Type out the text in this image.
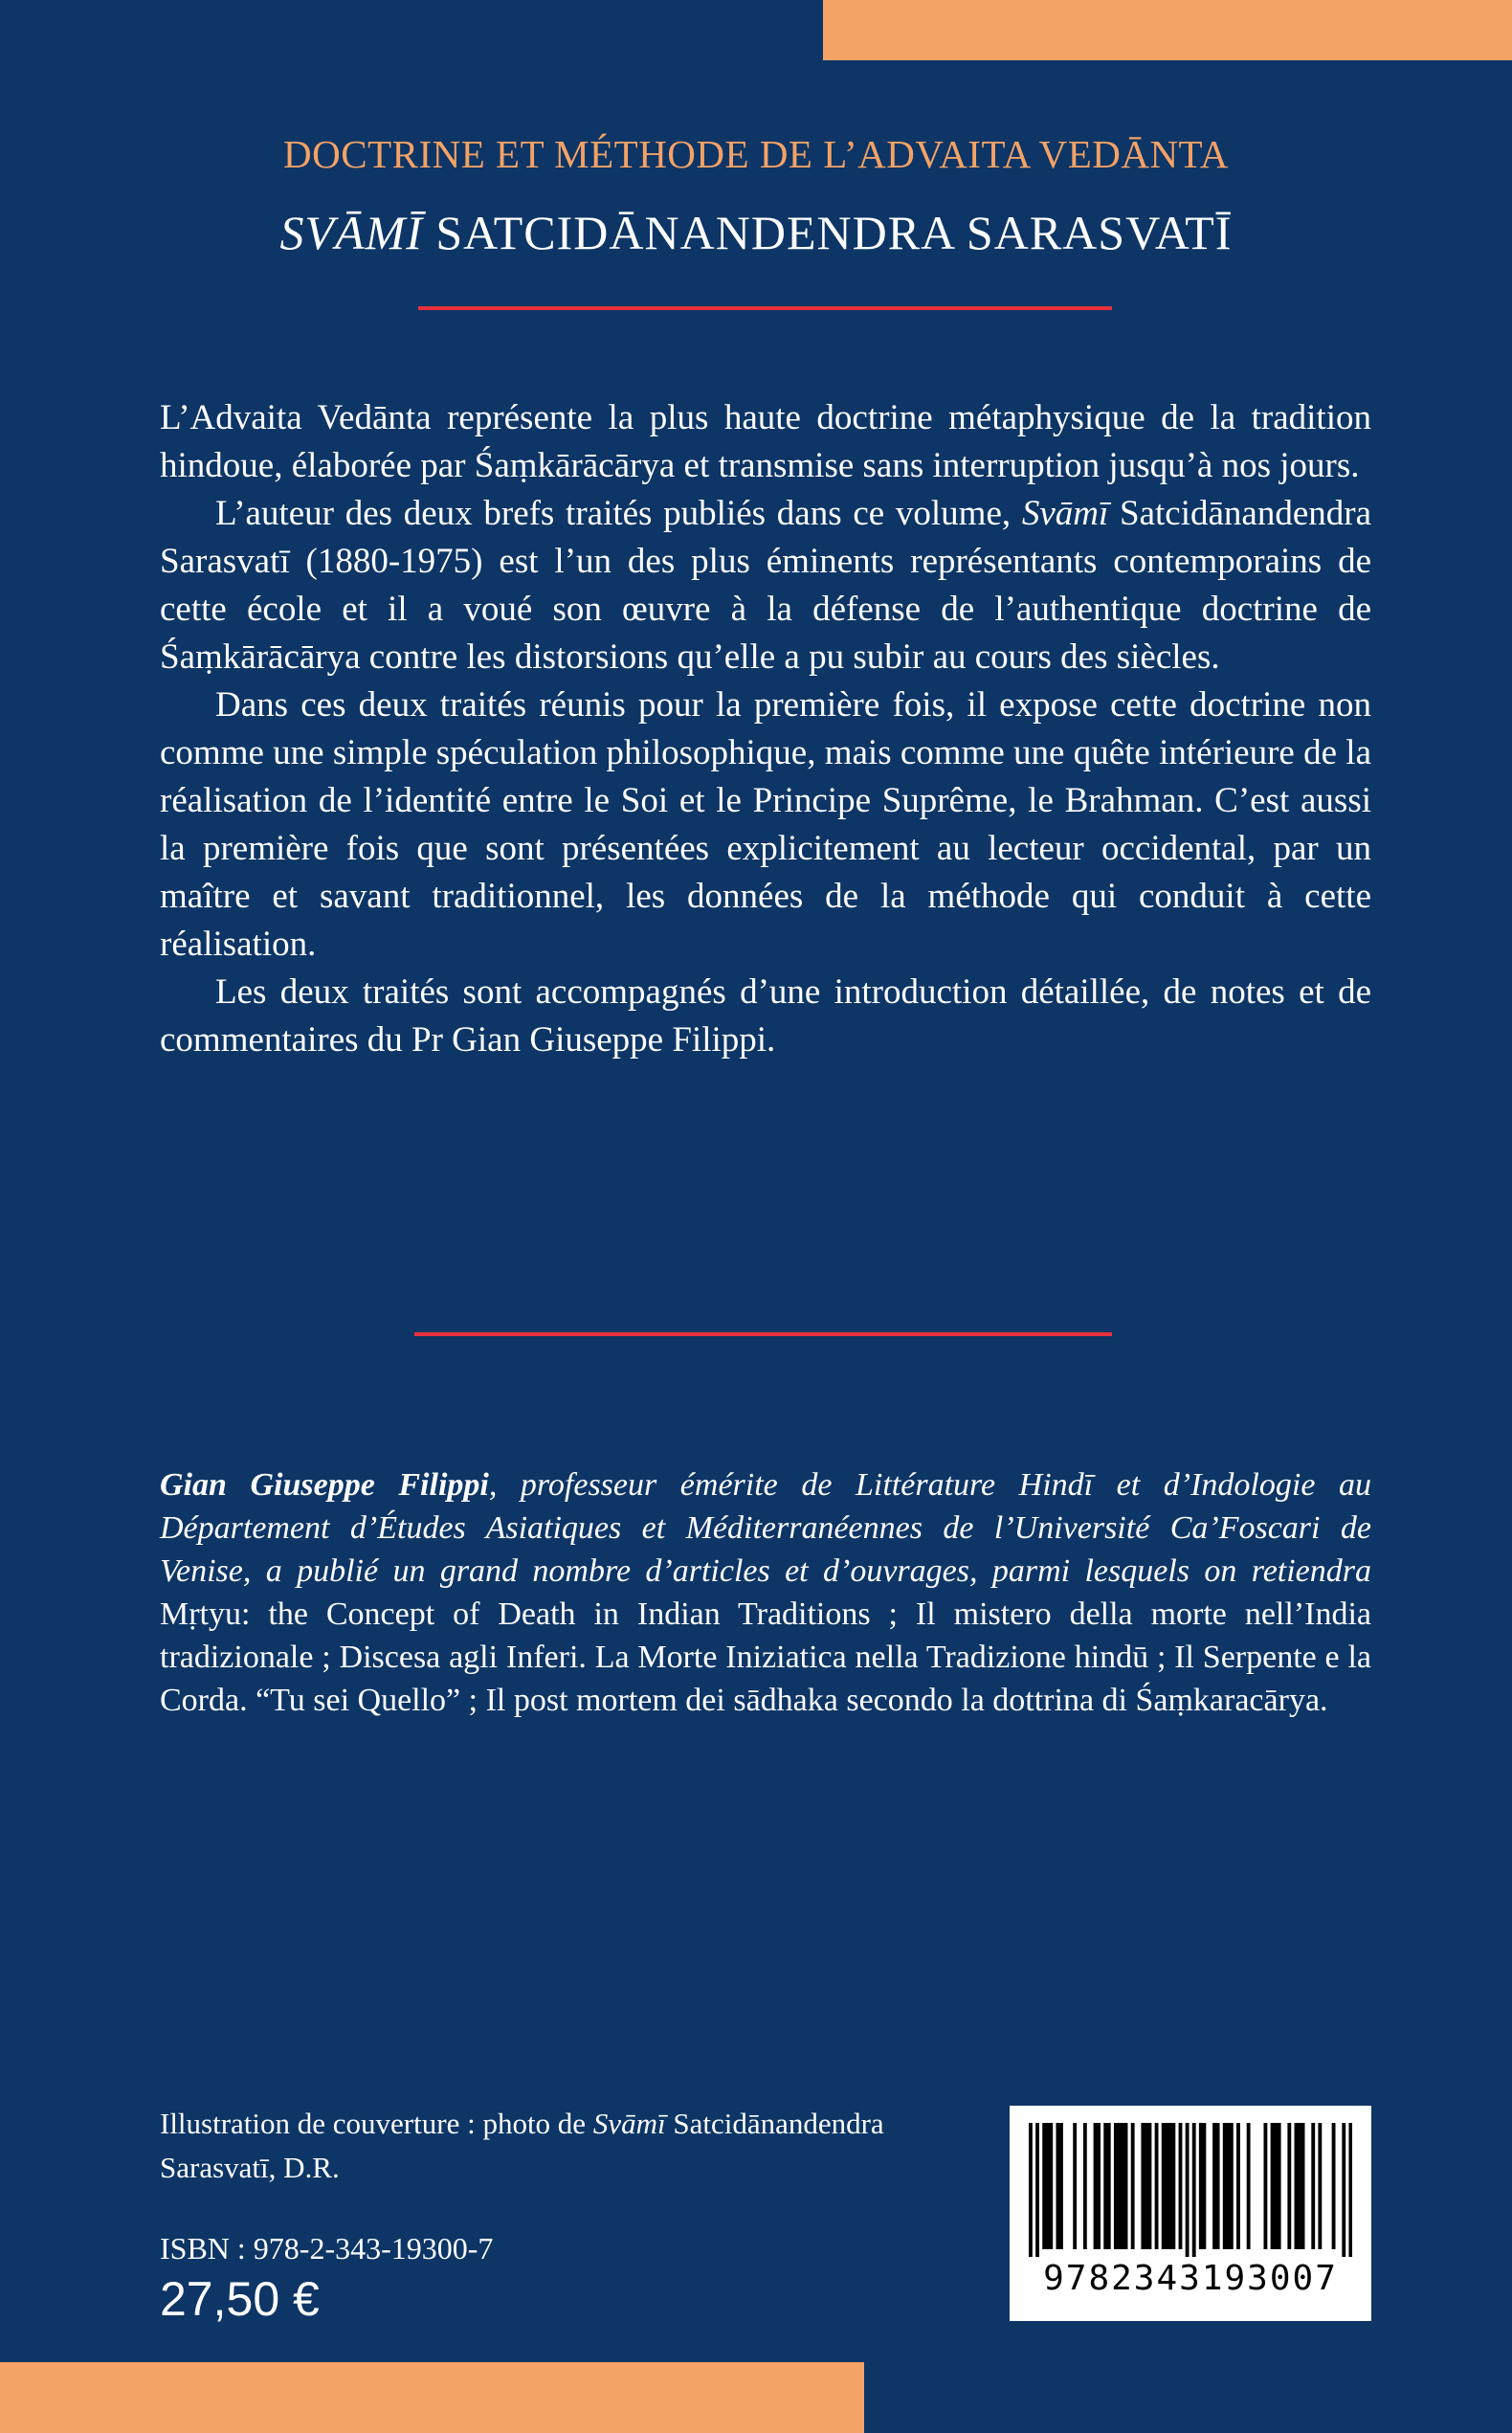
DOCTRINE ET MÉTHODE DE L’ADVAITA VEDĀNTA
SVĀMĪ SATCIDĀNANDENDRA SARASVATĪ

L’Advaita Vedānta représente la plus haute doctrine métaphysique de la tradition hindoue, élaborée par Śaṃkārācārya et transmise sans interruption jusqu’à nos jours.

L’auteur des deux brefs traités publiés dans ce volume, Svāmī Satcidānandendra Sarasvatī (1880-1975) est l’un des plus éminents représentants contemporains de cette école et il a voué son œuvre à la défense de l’authentique doctrine de Śaṃkārācārya contre les distorsions qu’elle a pu subir au cours des siècles.

Dans ces deux traités réunis pour la première fois, il expose cette doctrine non comme une simple spéculation philosophique, mais comme une quête intérieure de la réalisation de l’identité entre le Soi et le Principe Suprême, le Brahman. C’est aussi la première fois que sont présentées explicitement au lecteur occidental, par un maître et savant traditionnel, les données de la méthode qui conduit à cette réalisation.

Les deux traités sont accompagnés d’une introduction détaillée, de notes et de commentaires du Pr Gian Giuseppe Filippi.

Gian Giuseppe Filippi, professeur émérite de Littérature Hindī et d’Indologie au Département d’Études Asiatiques et Méditerranéennes de l’Université Ca’Foscari de Venise, a publié un grand nombre d’articles et d’ouvrages, parmi lesquels on retiendra Mṛtyu: the Concept of Death in Indian Traditions ; Il mistero della morte nell’India tradizionale ; Discesa agli Inferi. La Morte Iniziatica nella Tradizione hindū ; Il Serpente e la Corda. “Tu sei Quello” ; Il post mortem dei sādhaka secondo la dottrina di Śaṃkaracārya.
Illustration de couverture : photo de Svāmī Satcidānandendra Sarasvatī, D.R.
ISBN : 978-2-343-19300-7
27,50 €	9782343193007
